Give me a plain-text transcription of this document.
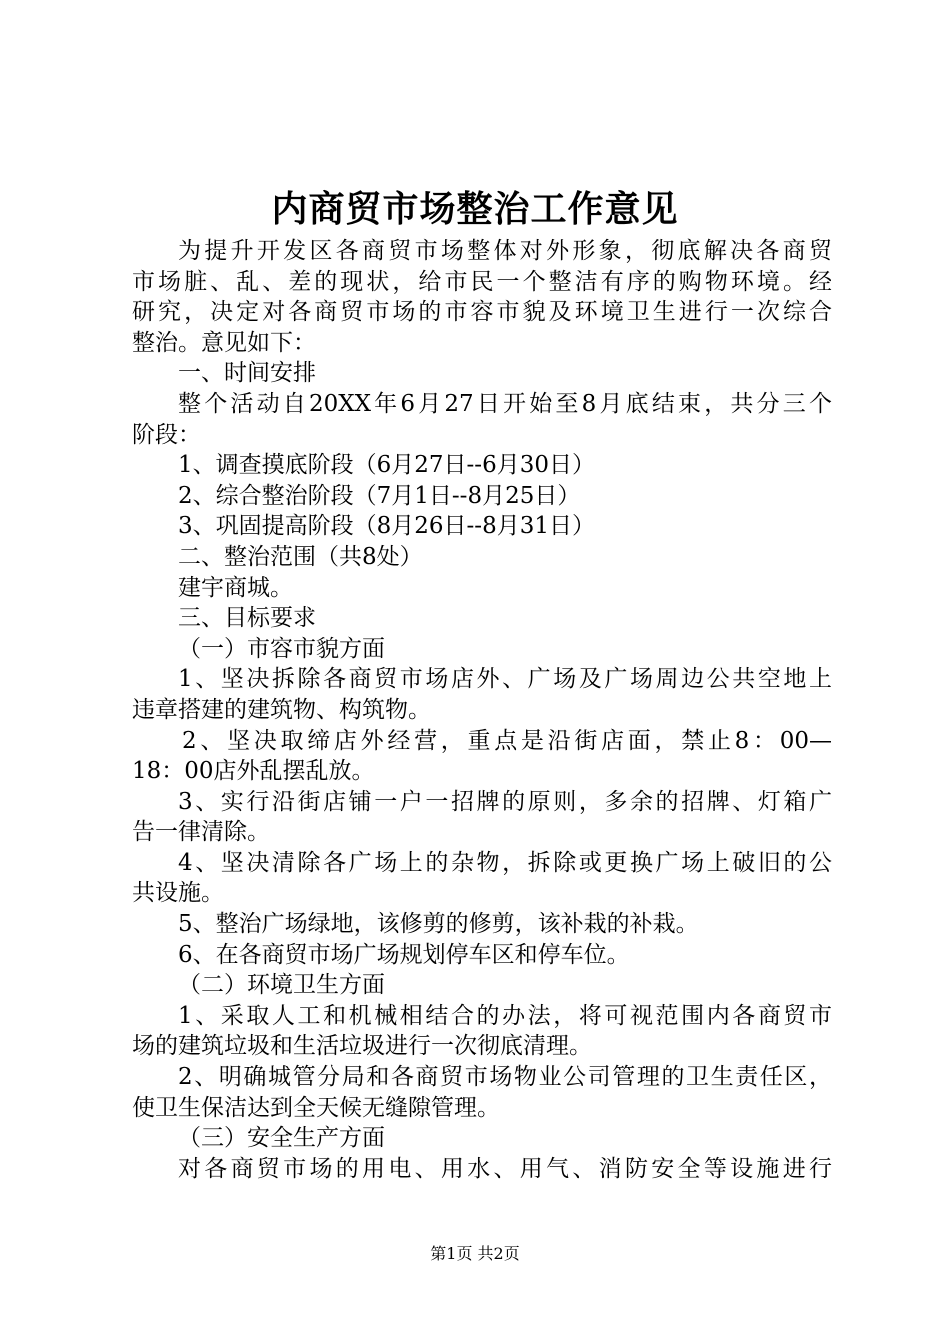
内商贸市场整治工作意见
为提升开发区各商贸市场整体对外形象，彻底解决各商贸
市场脏、乱、差的现状，给市民一个整洁有序的购物环境。经
研究，决定对各商贸市场的市容市貌及环境卫生进行一次综合
整治。意见如下：
一、时间安排
整个活动自20XX年6月27日开始至8月底结束，共分三个
阶段：
1、调查摸底阶段（6月27日--6月30日）
2、综合整治阶段（7月1日--8月25日）
3、巩固提高阶段（8月26日--8月31日）
二、整治范围（共8处）
建宇商城。
三、目标要求
（一）市容市貌方面
1、坚决拆除各商贸市场店外、广场及广场周边公共空地上
违章搭建的建筑物、构筑物。
2、坚决取缔店外经营，重点是沿街店面，禁止8：00—
18：00店外乱摆乱放。
3、实行沿街店铺一户一招牌的原则，多余的招牌、灯箱广
告一律清除。
4、坚决清除各广场上的杂物，拆除或更换广场上破旧的公
共设施。
5、整治广场绿地，该修剪的修剪，该补栽的补栽。
6、在各商贸市场广场规划停车区和停车位。
（二）环境卫生方面
1、采取人工和机械相结合的办法，将可视范围内各商贸市
场的建筑垃圾和生活垃圾进行一次彻底清理。
2、明确城管分局和各商贸市场物业公司管理的卫生责任区，
使卫生保洁达到全天候无缝隙管理。
（三）安全生产方面
对各商贸市场的用电、用水、用气、消防安全等设施进行
第1页 共2页
